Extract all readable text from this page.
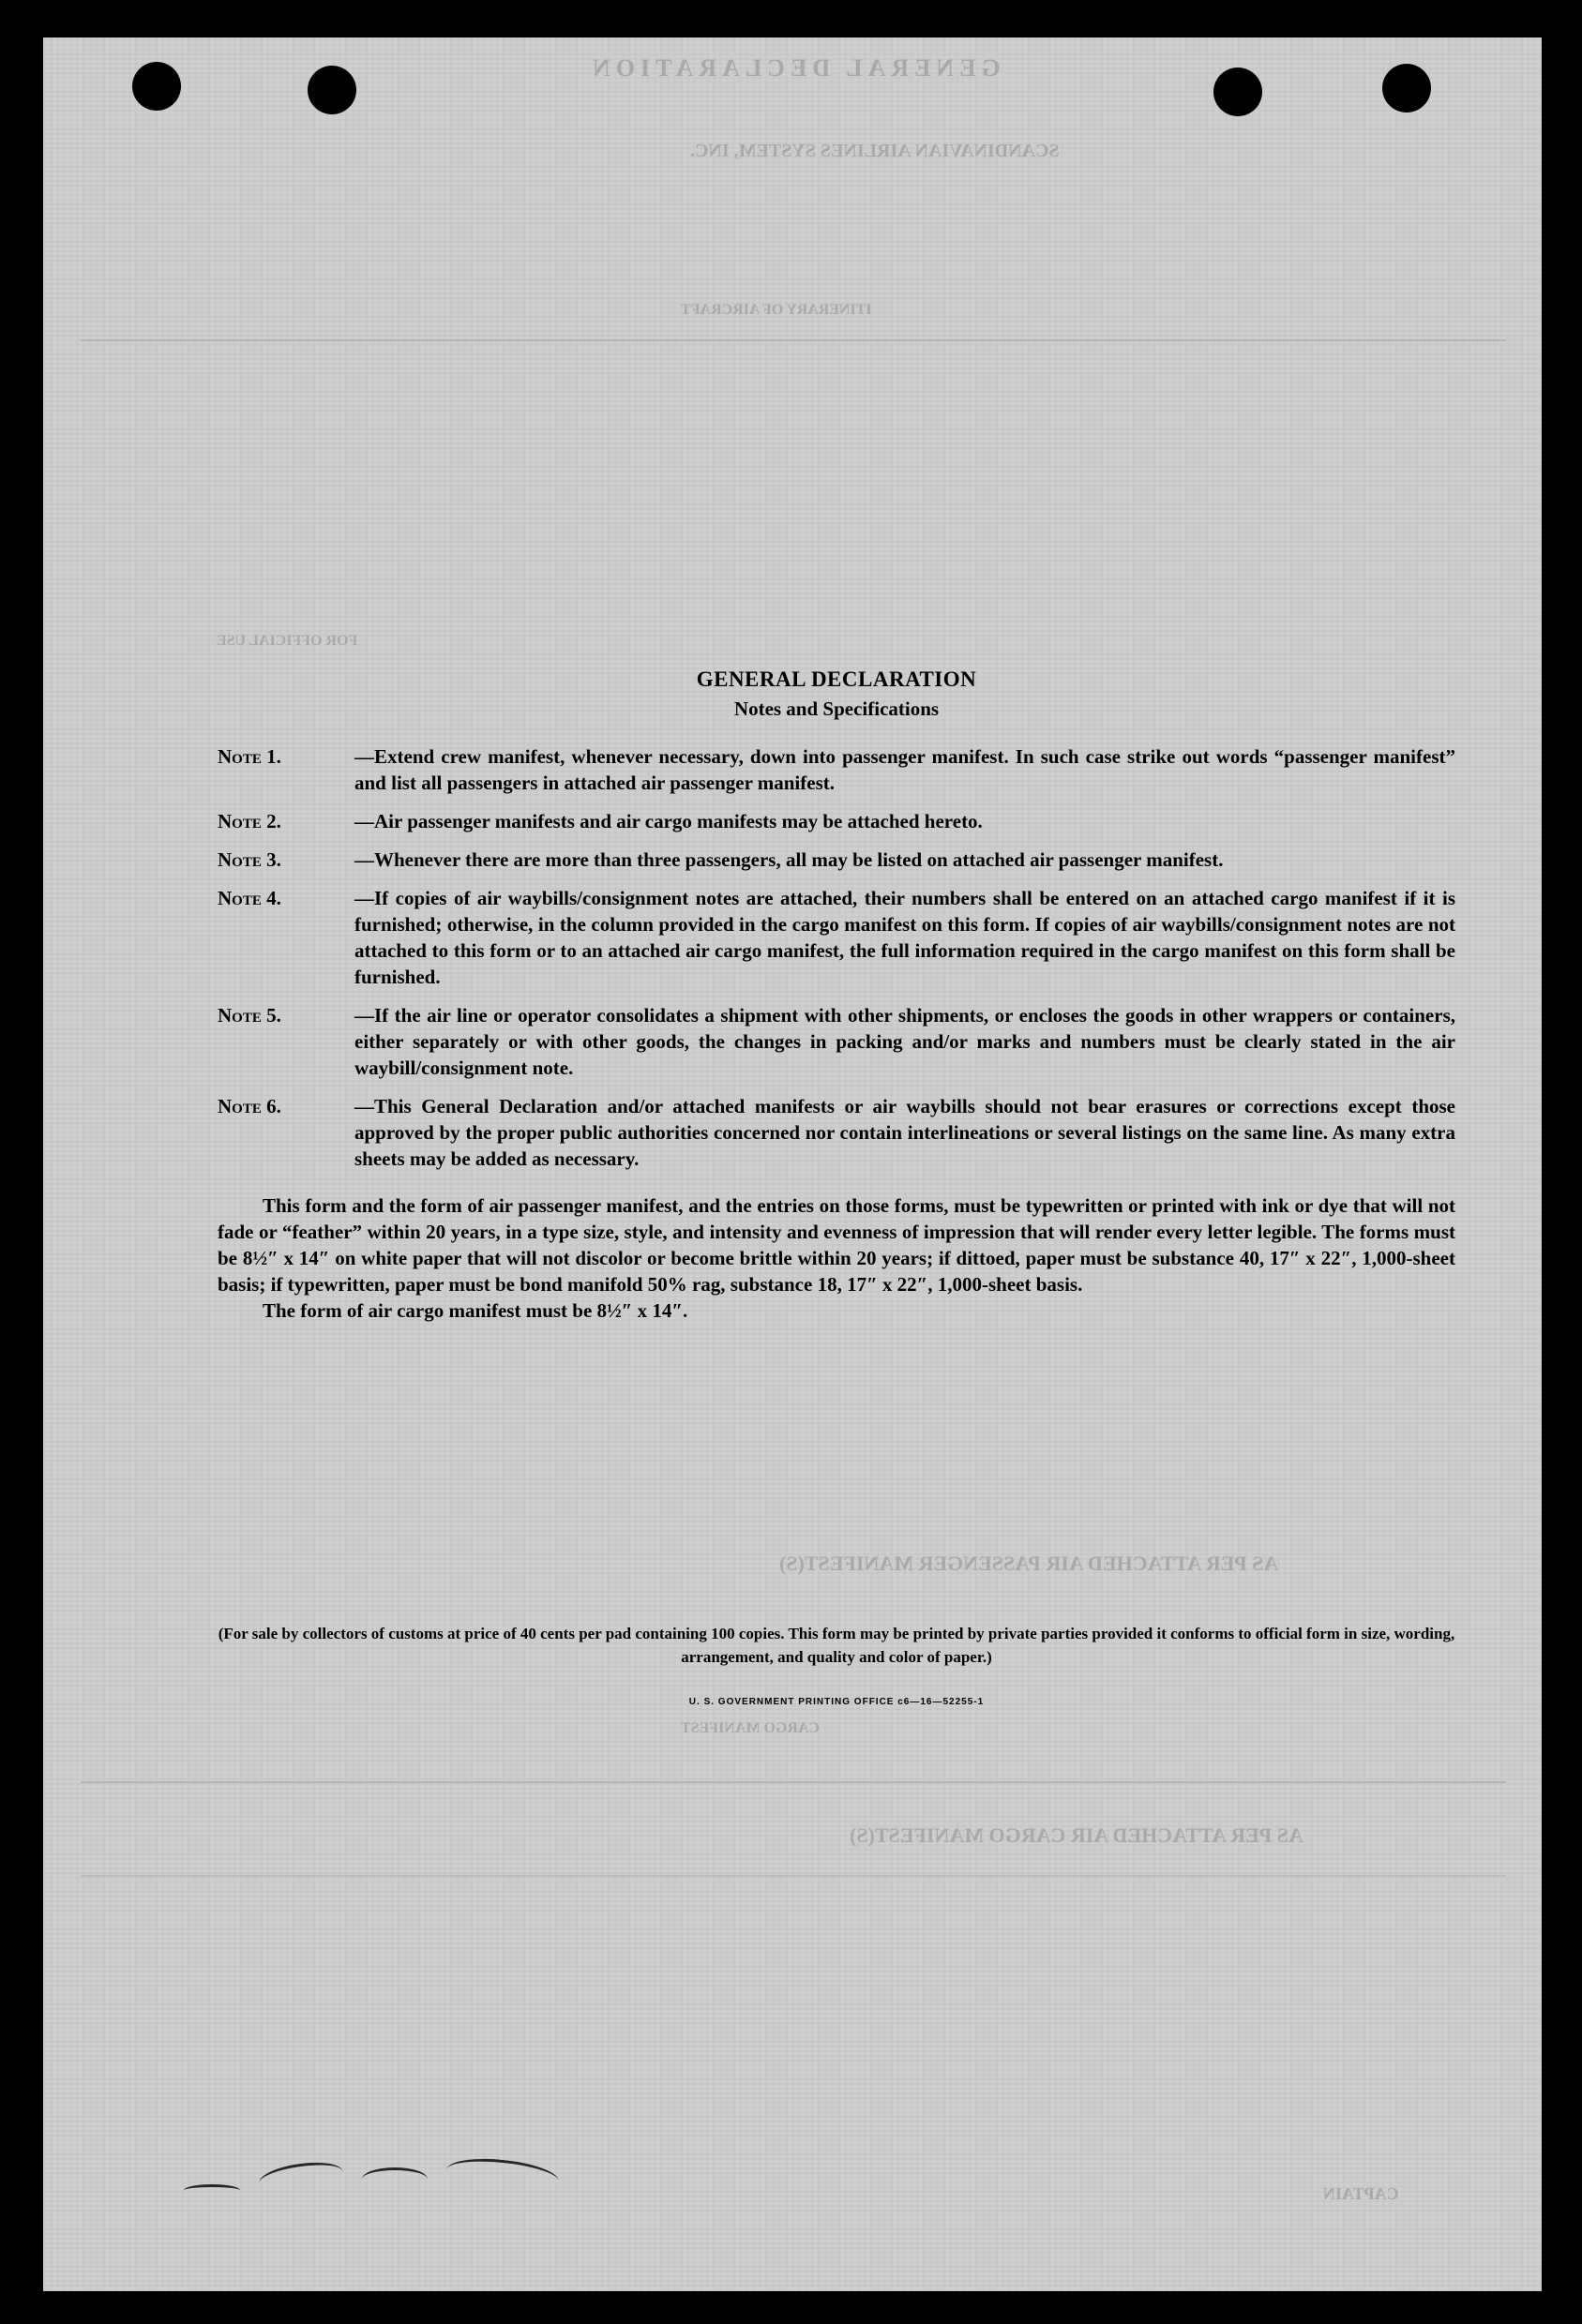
GENERAL DECLARATION
SCANDINAVIAN AIRLINES SYSTEM, INC.
ITINERARY OF AIRCRAFT
FOR OFFICIAL USE
AS PER ATTACHED AIR PASSENGER MANIFEST(S)
CARGO MANIFEST
AS PER ATTACHED AIR CARGO MANIFEST(S)
CAPTAIN

GENERAL DECLARATION

Notes and Specifications

Note 1.	—Extend crew manifest, whenever necessary, down into passenger manifest. In such case strike out words “passenger manifest” and list all passengers in attached air passenger manifest.
Note 2.	—Air passenger manifests and air cargo manifests may be attached hereto.
Note 3.	—Whenever there are more than three passengers, all may be listed on attached air passenger manifest.
Note 4.	—If copies of air waybills/consignment notes are attached, their numbers shall be entered on an attached cargo manifest if it is furnished; otherwise, in the column provided in the cargo manifest on this form. If copies of air waybills/consignment notes are not attached to this form or to an attached air cargo manifest, the full information required in the cargo manifest on this form shall be furnished.
Note 5.	—If the air line or operator consolidates a shipment with other shipments, or encloses the goods in other wrappers or containers, either separately or with other goods, the changes in packing and/or marks and numbers must be clearly stated in the air waybill/consignment note.
Note 6.	—This General Declaration and/or attached manifests or air waybills should not bear erasures or corrections except those approved by the proper public authorities concerned nor contain interlineations or several listings on the same line. As many extra sheets may be added as necessary.
This form and the form of air passenger manifest, and the entries on those forms, must be typewritten or printed with ink or dye that will not fade or “feather” within 20 years, in a type size, style, and intensity and evenness of impression that will render every letter legible. The forms must be 8½″ x 14″ on white paper that will not discolor or become brittle within 20 years; if dittoed, paper must be substance 40, 17″ x 22″, 1,000-sheet basis; if typewritten, paper must be bond manifold 50% rag, substance 18, 17″ x 22″, 1,000-sheet basis.
The form of air cargo manifest must be 8½″ x 14″.
(For sale by collectors of customs at price of 40 cents per pad containing 100 copies. This form may be printed by private parties provided it conforms to official form in size, wording, arrangement, and quality and color of paper.)
U. S. GOVERNMENT PRINTING OFFICE c6—16—52255-1
